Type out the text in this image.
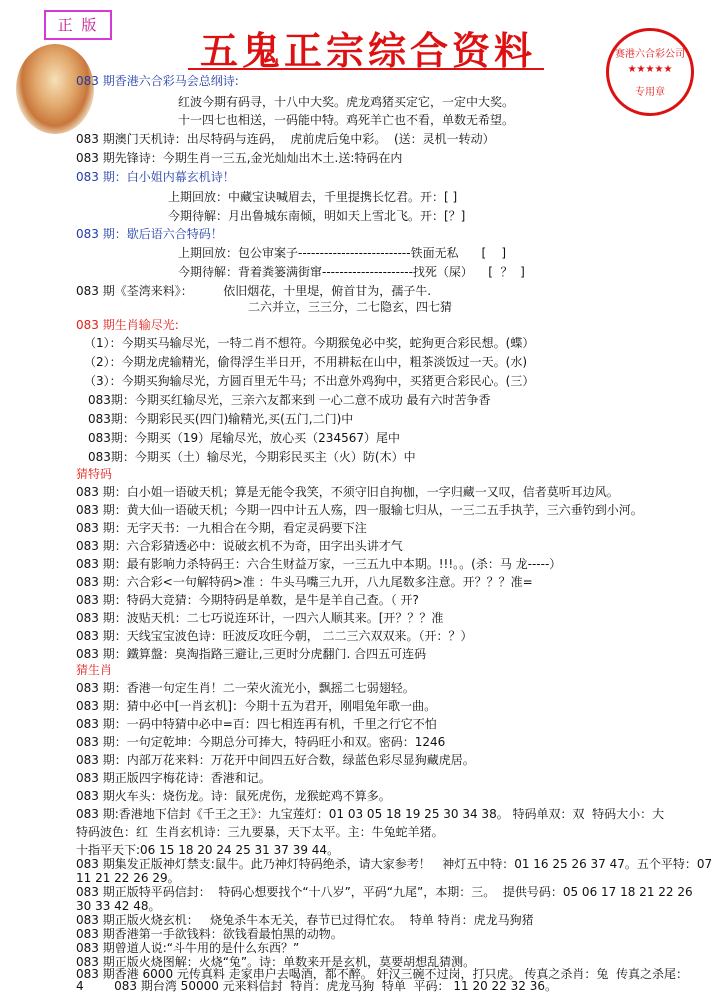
正 版
五鬼正宗综合资料	赛港六合彩公司
★★★★★
专用章
083 期香港六合彩马会总纲诗:
红波今期有码寻，十八中大奖。虎龙鸡猪买定它，一定中大奖。
十一四七也相送，一码能中特。鸡死羊亡也不看，单数无希望。
083 期澳门天机诗：出尽特码与连码，  虎前虎后兔中彩。  (送：灵机一转动）
083 期先锋诗：今期生肖一三五,金光灿灿出木土.送:特码在内
083 期：白小姐内幕玄机诗！
上期回放：中藏宝诀喊眉去，千里提携长忆君。开：[ ]
今期待解：月出鲁城东南倾，明如天上雪北飞。开：[？]
083 期：歇后语六合特码！
上期回放：包公审案子--------------------------铁面无私      [    ]
今期待解：背着粪篓满街窜---------------------找死（屎）    [  ？  ]
083 期《荃湾来料》：        依旧烟花，十里堤，俯首甘为，孺子牛.
二六并立，三三分，二七隐玄，四七猜
083 期生肖输尽光:
（1）：今期买马输尽光，一特二肖不想符。今期猴兔必中奖，蛇狗更合彩民想。(蝶）
（2）：今期龙虎输精光，偷得浮生半日开，不用耕耘在山中，粗茶淡饭过一天。(水)
（3）：今期买狗输尽光，方圆百里无牛马；不出意外鸡狗中，买猪更合彩民心。(三）
083期：今期买红输尽光，三亲六友都来到 一心二意不成功 最有六时苦争香
083期：今期彩民买(四门)输精光,买(五门,二门)中
083期：今期买（19）尾输尽光，放心买（234567）尾中
083期：今期买（土）输尽光，今期彩民买主（火）防(木）中
猜特码
083 期：白小姐一语破天机；算是无能令我笑，不须守旧自拘枷，一字归藏一又叹，信者莫听耳边风。
083 期：黄大仙一语破天机；今期一四中计五人殇，四一服输七归从，一三二五手执芋，三六垂钓到小河。
083 期：无字天书：一九相合在今期，看定灵码要下注
083 期：六合彩猜透必中：说破玄机不为奇，田字出头讲才气
083 期：最有影响力杀特码王：六合生财益万家，一三五九中本期。!!!。。(杀：马 龙-----）
083 期：六合彩<一句解特码>准 ：牛头马嘴三九开，八九尾数多注意。开？？？准=
083 期：特码大竞猜：今期特码是单数，是牛是羊自己查。（ 开?
083 期：波贴天机：二七巧说连环计，一四六人顺其来。[开？？？准
083 期：天线宝宝波色诗：旺波反攻旺今朝， 二二三六双双来。（开：？）
083 期：鐵算盤：臭淘指路三避让,三更时分虎翻门. 合四五可连码
猜生肖
083 期：香港一句定生肖！二一荣火流光小，飘摇二七弱翅轻。
083 期：猜中必中[一肖玄机]：今期十五为君开，刚唱兔年歌一曲。
083 期：一码中特猜中必中=百：四七相连再有机，千里之行它不怕
083 期：一句定乾坤：今期总分可捧大，特码旺小和双。密码：1246
083 期：内部万花来料：万花开中间四五好合数，绿蓝色彩尽显狗藏虎居。
083 期正版四字梅花诗：香港和记。
083 期火车头：烧伤龙。诗：鼠死虎伤，龙猴蛇鸡不算多。
083 期:香港地下信封《千王之王》：九宝莲灯：01 03 05 18 19 25 30 34 38。 特码单双：双  特码大小：大
特码波色：红  生肖玄机诗：三九要暴，天下太平。主：牛兔蛇羊猪。
十指平天下:06 15 18 20 24 25 31 37 39 44。
083 期集发正版神灯禁支:鼠牛。此乃神灯特码绝杀，请大家参考！   神灯五中特：01 16 25 26 37 47。五个平特：07
11 21 22 26 29。
083 期正版特平码信封：  特码心想要找个“十八岁”，平码“九尾”，本期：三。  提供号码：05 06 17 18 21 22 26
30 33 42 48。
083 期正版火烧玄机：   烧兔杀牛本无关，春节已过得忙农。  特单 特肖：虎龙马狗猪
083 期香港第一手欲钱料：欲钱看最怕黑的动物。
083 期曾道人说:“斗牛用的是什么东西？”
083 期正版火烧图解：火烧“兔”。诗：单数来开是玄机，莫要胡想乱猜测。
083 期香港 6000 元传真料 走家串户去喝酒，都不醉。 奸汉三碗不过岗，打只虎。 传真之杀肖：兔  传真之杀尾：
4        083 期台湾 50000 元来料信封  特肖：虎龙马狗  特单  平码： 11 20 22 32 36。
